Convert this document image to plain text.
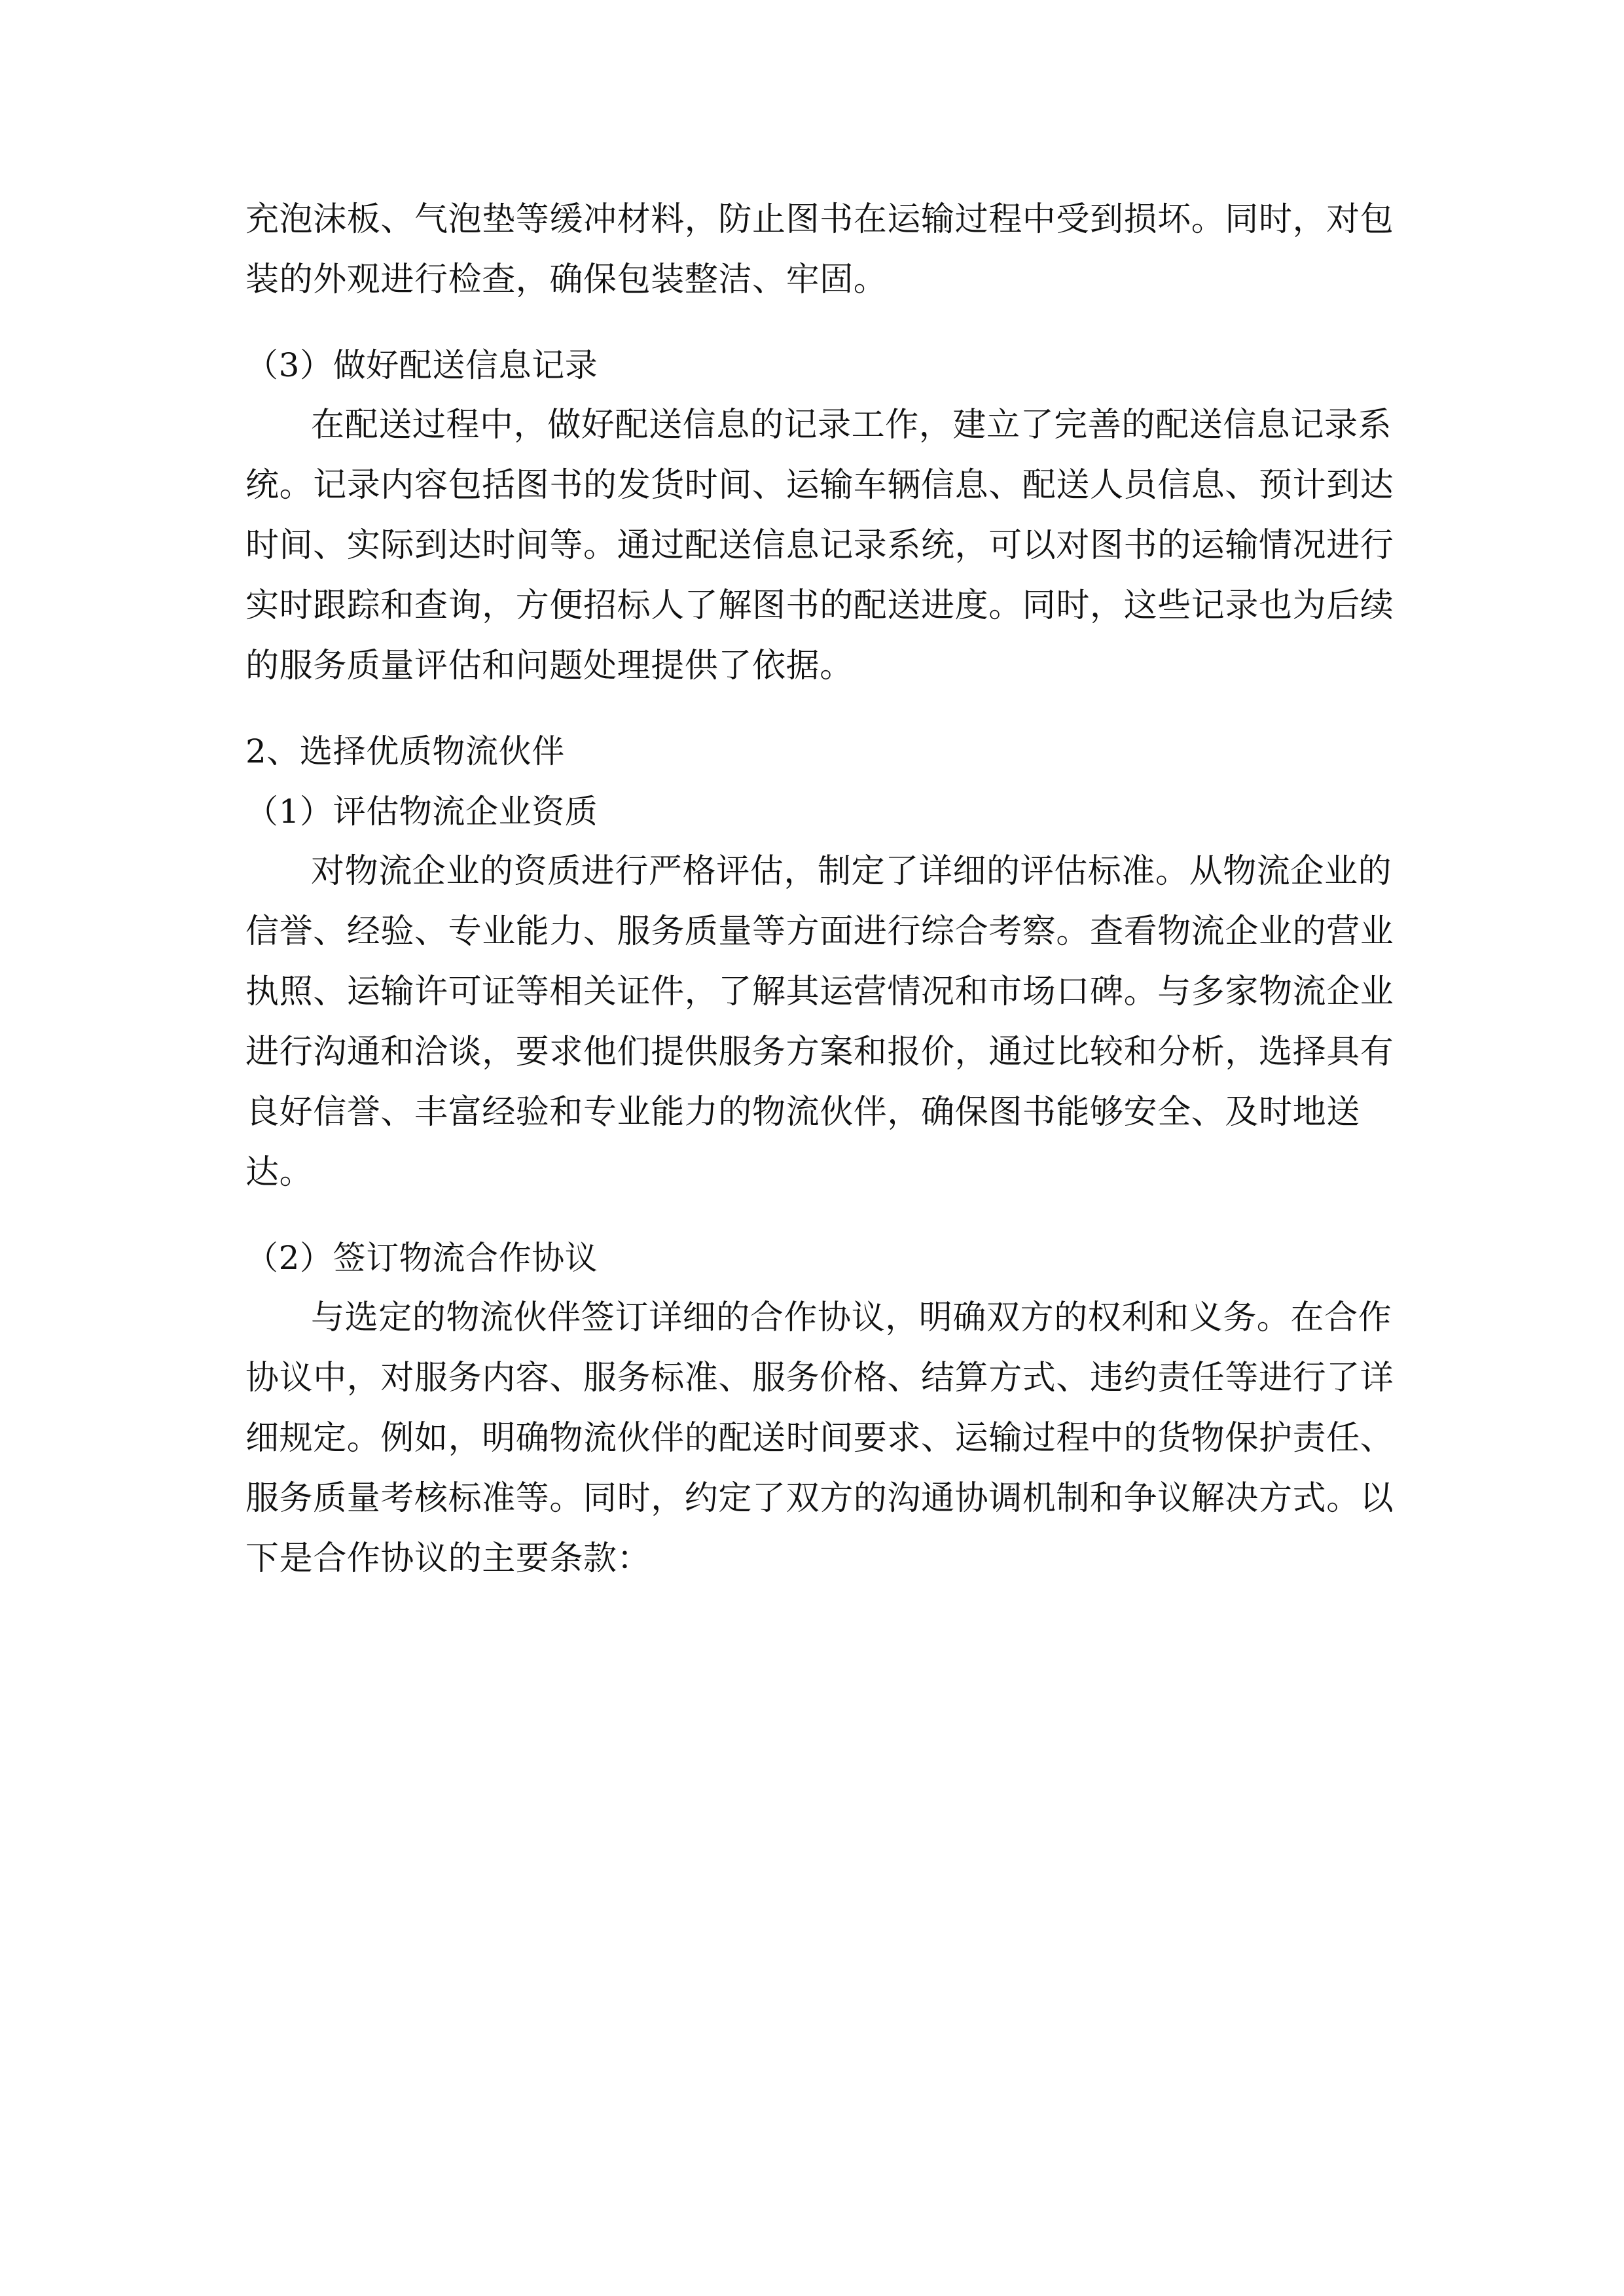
充泡沫板、气泡垫等缓冲材料，防止图书在运输过程中受到损坏。同时，对包
装的外观进行检查，确保包装整洁、牢固。
（3）做好配送信息记录
在配送过程中，做好配送信息的记录工作，建立了完善的配送信息记录系
统。记录内容包括图书的发货时间、运输车辆信息、配送人员信息、预计到达
时间、实际到达时间等。通过配送信息记录系统，可以对图书的运输情况进行
实时跟踪和查询，方便招标人了解图书的配送进度。同时，这些记录也为后续
的服务质量评估和问题处理提供了依据。
2、选择优质物流伙伴
（1）评估物流企业资质
对物流企业的资质进行严格评估，制定了详细的评估标准。从物流企业的
信誉、经验、专业能力、服务质量等方面进行综合考察。查看物流企业的营业
执照、运输许可证等相关证件，了解其运营情况和市场口碑。与多家物流企业
进行沟通和洽谈，要求他们提供服务方案和报价，通过比较和分析，选择具有
良好信誉、丰富经验和专业能力的物流伙伴，确保图书能够安全、及时地送
达。
（2）签订物流合作协议
与选定的物流伙伴签订详细的合作协议，明确双方的权利和义务。在合作
协议中，对服务内容、服务标准、服务价格、结算方式、违约责任等进行了详
细规定。例如，明确物流伙伴的配送时间要求、运输过程中的货物保护责任、
服务质量考核标准等。同时，约定了双方的沟通协调机制和争议解决方式。以
下是合作协议的主要条款：
